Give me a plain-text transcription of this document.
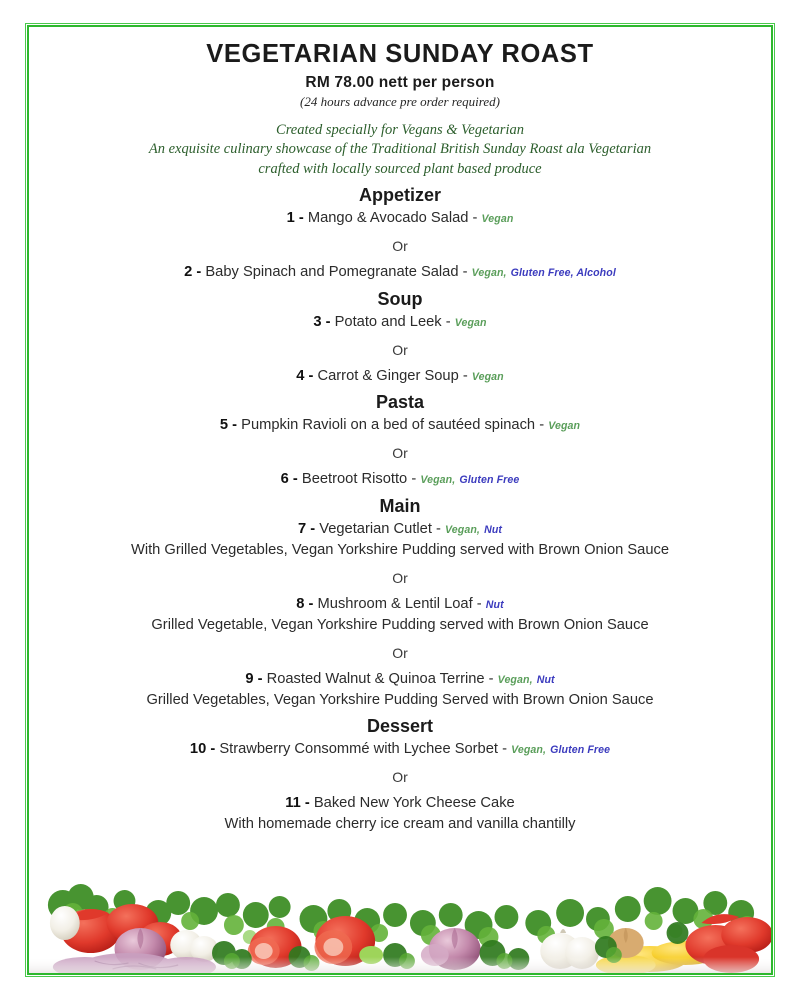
VEGETARIAN SUNDAY ROAST
RM 78.00 nett per person
(24 hours advance pre order required)
Created specially for Vegans & Vegetarian
An exquisite culinary showcase of the Traditional British Sunday Roast ala Vegetarian
crafted with locally sourced plant based produce
Appetizer
1 - Mango & Avocado Salad - Vegan
Or
2 - Baby Spinach and Pomegranate Salad - Vegan, Gluten Free, Alcohol
Soup
3 - Potato and Leek - Vegan
Or
4 - Carrot & Ginger Soup - Vegan
Pasta
5 - Pumpkin Ravioli on a bed of sautéed spinach - Vegan
Or
6 - Beetroot Risotto - Vegan, Gluten Free
Main
7 - Vegetarian Cutlet - Vegan, Nut
With Grilled Vegetables, Vegan Yorkshire Pudding served with Brown Onion Sauce
Or
8 - Mushroom & Lentil Loaf - Nut
Grilled Vegetable, Vegan Yorkshire Pudding served with Brown Onion Sauce
Or
9 - Roasted Walnut & Quinoa Terrine - Vegan, Nut
Grilled Vegetables, Vegan Yorkshire Pudding Served with Brown Onion Sauce
Dessert
10 - Strawberry Consommé with Lychee Sorbet - Vegan, Gluten Free
Or
11 - Baked New York Cheese Cake
With homemade cherry ice cream and vanilla chantilly
